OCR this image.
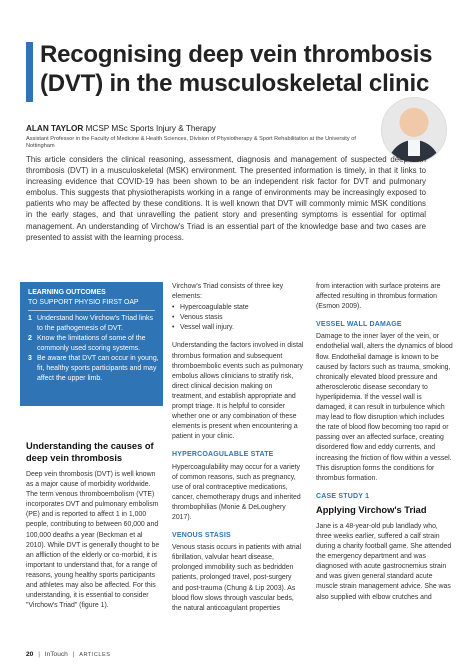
Recognising deep vein thrombosis (DVT) in the musculoskeletal clinic
ALAN TAYLOR MCSP MSc Sports Injury & Therapy
Assistant Professor in the Faculty of Medicine & Health Sciences, Division of Physiotherapy & Sport Rehabilitation at the University of Nottingham
This article considers the clinical reasoning, assessment, diagnosis and management of suspected deep vein thrombosis (DVT) in a musculoskeletal (MSK) environment. The presented information is timely, in that it links to increasing evidence that COVID-19 has been shown to be an independent risk factor for DVT and pulmonary embolus. This suggests that physiotherapists working in a range of environments may be increasingly exposed to patients who may be affected by these conditions. It is well known that DVT will commonly mimic MSK conditions in the early stages, and that unravelling the patient story and presenting symptoms is essential for optimal management. An understanding of Virchow's Triad is an essential part of the knowledge base and two cases are presented to assist with the learning process.
LEARNING OUTCOMES
TO SUPPORT PHYSIO FIRST OAP
1 Understand how Virchow's Triad links to the pathogenesis of DVT.
2 Know the limitations of some of the commonly used scoring systems.
3 Be aware that DVT can occur in young, fit, healthy sports participants and may affect the upper limb.
Understanding the causes of deep vein thrombosis

Deep vein thrombosis (DVT) is well known as a major cause of morbidity worldwide. The term venous thromboembolism (VTE) incorporates DVT and pulmonary embolism (PE) and is reported to affect 1 in 1,000 people, contributing to between 60,000 and 100,000 deaths a year (Beckman et al 2010). While DVT is generally thought to be an affliction of the elderly or co-morbid, it is important to understand that, for a range of reasons, young healthy sports participants and athletes may also be affected. For this understanding, it is essential to consider "Virchow's Triad" (figure 1).

Virchow's Triad consists of three key elements:

• Hypercoagulable state
• Venous stasis
• Vessel wall injury.

Understanding the factors involved in distal thrombus formation and subsequent thromboembolic events such as pulmonary embolus allows clinicians to stratify risk, direct clinical decision making on treatment, and establish appropriate and prompt triage. It is helpful to consider whether one or any combination of these elements is present when encountering a patient in your clinic.

HYPERCOAGULABLE STATE

Hypercoagulability may occur for a variety of common reasons, such as pregnancy, use of oral contraceptive medications, cancer, chemotherapy drugs and inherited thrombophilias (Monie & DeLoughery 2017).

VENOUS STASIS

Venous stasis occurs in patients with atrial fibrillation, valvular heart disease, prolonged immobility such as bedridden patients, prolonged travel, post-surgery and post-trauma (Chung & Lip 2003). As blood flow slows through vascular beds, the natural anticoagulant properties

from interaction with surface proteins are affected resulting in thrombus formation (Esmon 2009).

VESSEL WALL DAMAGE

Damage to the inner layer of the vein, or endothelial wall, alters the dynamics of blood flow. Endothelial damage is known to be caused by factors such as trauma, smoking, chronically elevated blood pressure and atherosclerotic disease secondary to hyperlipidemia. If the vessel wall is damaged, it can result in turbulence which may lead to flow disruption which includes the rate of blood flow becoming too rapid or passing over an affected surface, creating disordered flow and eddy currents, and increasing the friction of flow within a vessel. This disruption forms the conditions for thrombus formation.

CASE STUDY 1
Applying Virchow's Triad

Jane is a 48-year-old pub landlady who, three weeks earlier, suffered a calf strain during a charity football game. She attended the emergency department and was diagnosed with acute gastrocnemius strain and was given general standard acute muscle strain management advice. She was also supplied with elbow crutches and

20 | InTouch | ARTICLES
